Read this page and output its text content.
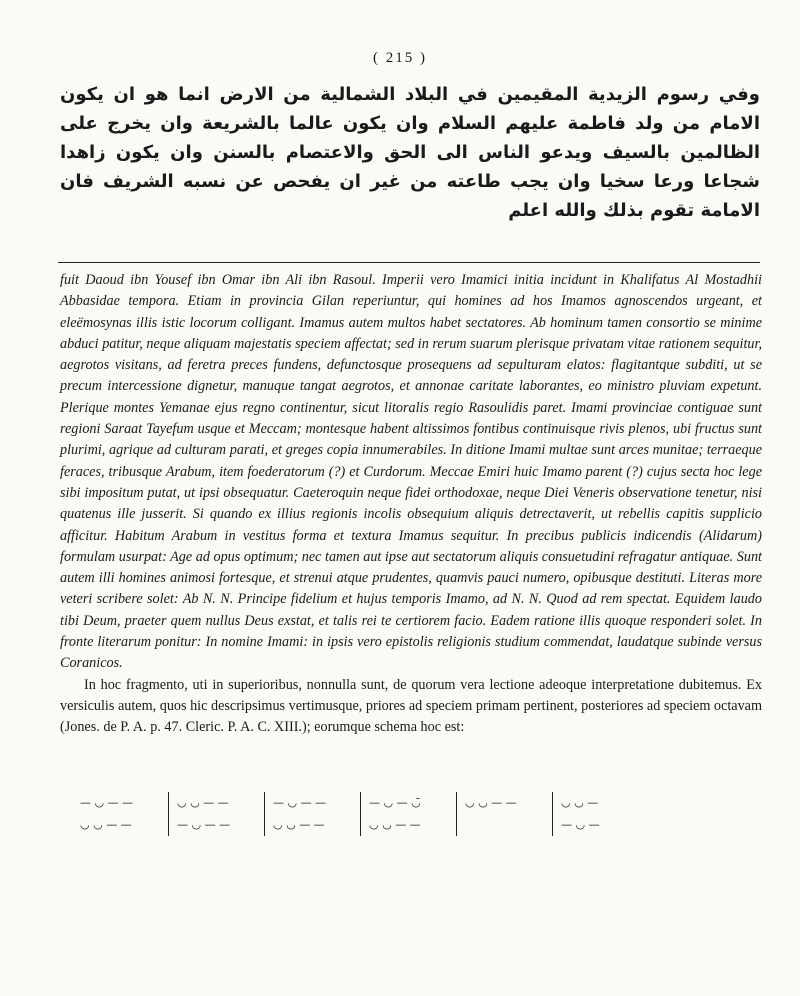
( 215 )
وفي رسوم الزيدية المقيمين في البلاد الشمالية من الارض انما هو ان يكون الامام من ولد فاطمة عليهم السلام وان يكون عالما بالشريعة وان يخرج على الظالمين بالسيف ويدعو الناس الى الحق والاعتصام بالسنن وان يكون زاهدا شجاعا ورعا سخيا وان يجب طاعته من غير ان يفحص عن نسبه الشريف فان الامامة تقوم بذلك والله اعلم

fuit Daoud ibn Yousef ibn Omar ibn Ali ibn Rasoul. Imperii vero Imamici initia incidunt in Khalifatus Al Mostadhii Abbasidae tempora. Etiam in provincia Gilan reperiuntur, qui homines ad hos Imamos agnoscendos urgeant, et eleëmosynas illis istic locorum colligant. Imamus autem multos habet sectatores. Ab hominum tamen consortio se minime abduci patitur, neque aliquam majestatis speciem affectat; sed in rerum suarum plerisque privatam vitae rationem sequitur, aegrotos visitans, ad feretra preces fundens, defunctosque prosequens ad sepulturam elatos: flagitantque subditi, ut se precum intercessione dignetur, manuque tangat aegrotos, et annonae caritate laborantes, eo ministro pluviam expetunt. Plerique montes Yemanae ejus regno continentur, sicut litoralis regio Rasoulidis paret. Imami provinciae contiguae sunt regioni Saraat Tayefum usque et Meccam; montesque habent altissimos fontibus continuisque rivis plenos, ubi fructus sunt plurimi, agrique ad culturam parati, et greges copia innumerabiles. In ditione Imami multae sunt arces munitae; terraeque feraces, tribusque Arabum, item foederatorum (?) et Curdorum. Meccae Emiri huic Imamo parent (?) cujus secta hoc lege sibi impositum putat, ut ipsi obsequatur. Caeteroquin neque fidei orthodoxae, neque Diei Veneris observatione tenetur, nisi quatenus ille jusserit. Si quando ex illius regionis incolis obsequium aliquis detrectaverit, ut rebellis capitis supplicio afficitur. Habitum Arabum in vestitus forma et textura Imamus sequitur. In precibus publicis indicendis (Alidarum) formulam usurpat: Age ad opus optimum; nec tamen aut ipse aut sectatorum aliquis consuetudini refragatur antiquae. Sunt autem illi homines animosi fortesque, et strenui atque prudentes, quamvis pauci numero, opibusque destituti. Literas more veteri scribere solet: Ab N. N. Principe fidelium et hujus temporis Imamo, ad N. N. Quod ad rem spectat. Equidem laudo tibi Deum, praeter quem nullus Deus exstat, et talis rei te certiorem facio. Eadem ratione illis quoque responderi solet. In fronte literarum ponitur: In nomine Imami: in ipsis vero epistolis religionis studium commendat, laudatque subinde versus Coranicos.

In hoc fragmento, uti in superioribus, nonnulla sunt, de quorum vera lectione adeoque interpretatione dubitemus. Ex versiculis autem, quos hic descripsimus vertimusque, priores ad speciem primam pertinent, posteriores ad speciem octavam (Jones. de P. A. p. 47. Cleric. P. A. C. XIII.); eorumque schema hoc est:

— ◡ — —
◡ ◡ — —
◡ ◡ — —
— ◡ — —
— ◡ — —
◡ ◡ — —
— ◡ — ◡̄
◡ ◡ — —
◡ ◡ — —	◡ ◡ —
— ◡ —
